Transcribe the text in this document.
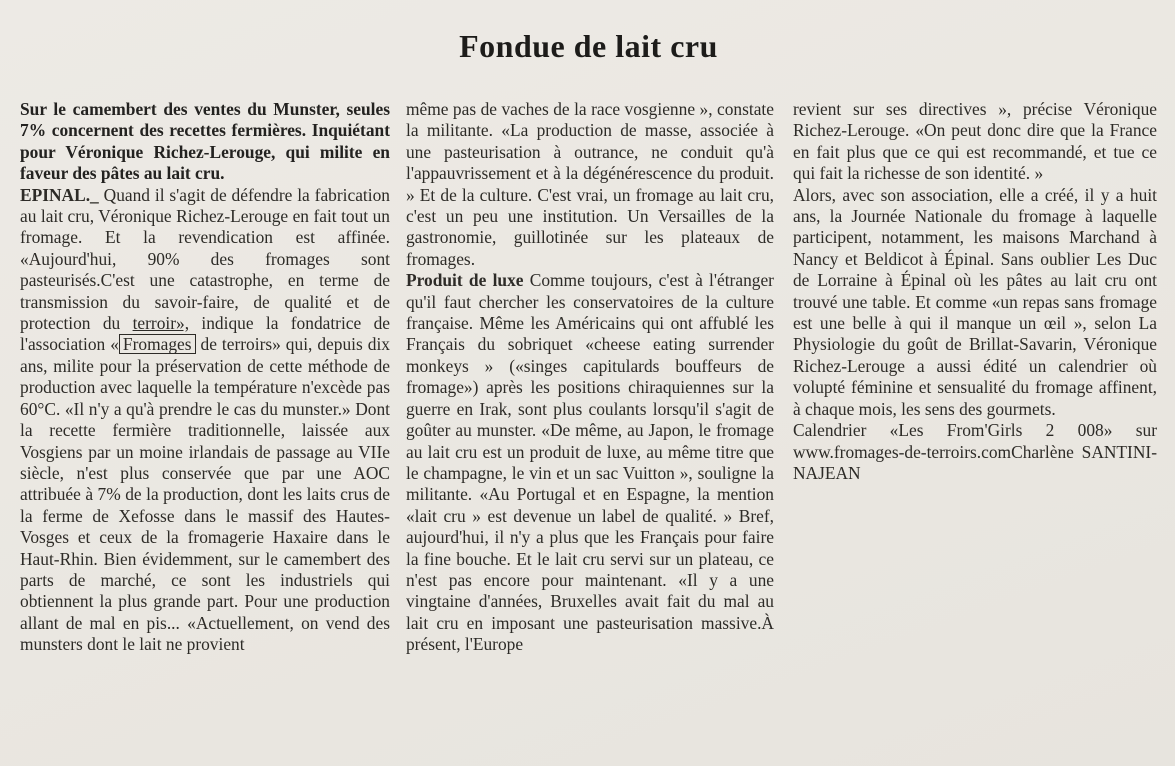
Fondue de lait cru

Sur le camembert des ventes du Munster, seules 7% concernent des recettes fermières. Inquiétant pour Véronique Richez-Lerouge, qui milite en faveur des pâtes au lait cru.

EPINAL._ Quand il s'agit de défendre la fabrication au lait cru, Véronique Richez-Lerouge en fait tout un fromage. Et la revendication est affinée. «Aujourd'hui, 90% des fromages sont pasteurisés.C'est une catastrophe, en terme de transmission du savoir-faire, de qualité et de protection du terroir», indique la fondatrice de l'association « Fromages de terroirs» qui, depuis dix ans, milite pour la préservation de cette méthode de production avec laquelle la température n'excède pas 60°C. «Il n'y a qu'à prendre le cas du munster.» Dont la recette fermière traditionnelle, laissée aux Vosgiens par un moine irlandais de passage au VIIe siècle, n'est plus conservée que par une AOC attribuée à 7% de la production, dont les laits crus de la ferme de Xefosse dans le massif des Hautes-Vosges et ceux de la fromagerie Haxaire dans le Haut-Rhin. Bien évidemment, sur le camembert des parts de marché, ce sont les industriels qui obtiennent la plus grande part. Pour une production allant de mal en pis... «Actuellement, on vend des munsters dont le lait ne provient

même pas de vaches de la race vosgienne », constate la militante. «La production de masse, associée à une pasteurisation à outrance, ne conduit qu'à l'appauvrissement et à la dégénérescence du produit. » Et de la culture. C'est vrai, un fromage au lait cru, c'est un peu une institution. Un Versailles de la gastronomie, guillotinée sur les plateaux de fromages.

Produit de luxe Comme toujours, c'est à l'étranger qu'il faut chercher les conservatoires de la culture française. Même les Américains qui ont affublé les Français du sobriquet «cheese eating surrender monkeys » («singes capitulards bouffeurs de fromage») après les positions chiraquiennes sur la guerre en Irak, sont plus coulants lorsqu'il s'agit de goûter au munster. «De même, au Japon, le fromage au lait cru est un produit de luxe, au même titre que le champagne, le vin et un sac Vuitton », souligne la militante. «Au Portugal et en Espagne, la mention «lait cru » est devenue un label de qualité. » Bref, aujourd'hui, il n'y a plus que les Français pour faire la fine bouche. Et le lait cru servi sur un plateau, ce n'est pas encore pour maintenant. «Il y a une vingtaine d'années, Bruxelles avait fait du mal au lait cru en imposant une pasteurisation massive.À présent, l'Europe

revient sur ses directives », précise Véronique Richez-Lerouge. «On peut donc dire que la France en fait plus que ce qui est recommandé, et tue ce qui fait la richesse de son identité. »

Alors, avec son association, elle a créé, il y a huit ans, la Journée Nationale du fromage à laquelle participent, notamment, les maisons Marchand à Nancy et Beldicot à Épinal. Sans oublier Les Duc de Lorraine à Épinal où les pâtes au lait cru ont trouvé une table. Et comme «un repas sans fromage est une belle à qui il manque un œil », selon La Physiologie du goût de Brillat-Savarin, Véronique Richez-Lerouge a aussi édité un calendrier où volupté féminine et sensualité du fromage affinent, à chaque mois, les sens des gourmets.

Calendrier «Les From'Girls 2 008» sur www.fromages-de-terroirs.comCharlène SANTINI-NAJEAN
